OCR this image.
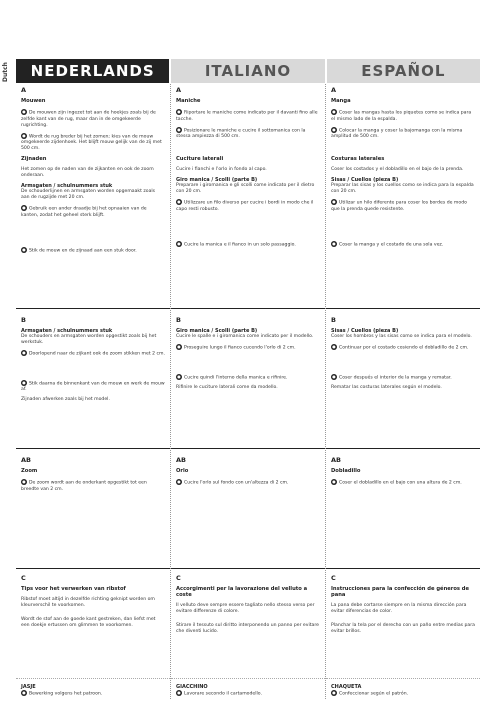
Dutch	NEDERLANDS	ITALIANO	ESPAÑOL
A
Mouwen
● De mouwen zijn ingezet tot aan de hoekjes zoals bij de zelfde kant van de rug, maar dan in de omgekeerde rugrichting.
● Wordt de rug breder bij het zomen; kies van de mouw omgekeerde zijdenhoek. Het blijft mouw gelijk van de zij met 500 cm.
Zijnaden
Het zomen op de naden van de zijkanten en ook de zoom onderaan.
Armsgaten / schulnummers stuk
De schouderlijnen en armsgaten worden opgemaakt zoals aan de rugzijde met 20 cm.
● Gebruik een ander draadje bij het opnaaien van de kanten, zodat het geheel sterk blijft.
● Stik de mouw en de zijnaad aan een stuk door.
B
Armsgaten / schulnummers stuk
De schouders en armsgaten worden opgestikt zoals bij het werkstuk.
● Doorlopend naar de zijkant ook de zoom stikken met 2 cm.
● Stik daarna de binnenkant van de mouw en werk de mouw af.
Zijnaden afwerken zoals bij het model.
AB
Zoom
● De zoom wordt aan de onderkant opgestikt tot een breedte van 2 cm.
C
Tips voor het verwerken van ribstof
Ribstof moet altijd in dezelfde richting geknipt worden om kleurverschil te voorkomen.
Wordt de stof aan de goede kant gestreken, dan liefst met een doekje ertussen om glimmen te voorkomen.
JASJE
● Bewerking volgens het patroon.
A
Maniche
● Riportare le maniche come indicato per il davanti fino alle tacche.
● Posizionare le maniche e cucire il sottomanica con la stessa ampiezza di 500 cm.
Cuciture laterali
Cucire i fianchi e l'orlo in fondo al capo.
Giro manica / Scolli (parte B)
Preparare i giromanica e gli scolli come indicato per il dietro con 20 cm.
● Utilizzare un filo diverso per cucire i bordi in modo che il capo resti robusto.
● Cucire la manica e il fianco in un solo passaggio.
B
Giro manica / Scolli (parte B)
Cucire le spalle e i giromanica come indicato per il modello.
● Proseguire lungo il fianco cucendo l'orlo di 2 cm.
● Cucire quindi l'interno della manica e rifinire.
Rifinire le cuciture laterali come da modello.
AB
Orlo
● Cucire l'orlo sul fondo con un'altezza di 2 cm.
C
Accorgimenti per la lavorazione del velluto a coste
Il velluto deve sempre essere tagliato nello stesso verso per evitare differenze di colore.
Stirare il tessuto sul diritto interponendo un panno per evitare che diventi lucido.
GIACCHINO
● Lavorare secondo il cartamodello.
A
Manga
● Coser las mangas hasta los piquetes como se indica para el mismo lado de la espalda.
● Colocar la manga y coser la bajomanga con la misma amplitud de 500 cm.
Costuras laterales
Coser los costados y el dobladillo en el bajo de la prenda.
Sisas / Cuellos (pieza B)
Preparar las sisas y los cuellos como se indica para la espalda con 20 cm.
● Utilizar un hilo diferente para coser los bordes de modo que la prenda quede resistente.
● Coser la manga y el costado de una sola vez.
B
Sisas / Cuellos (pieza B)
Coser los hombros y las sisas como se indica para el modelo.
● Continuar por el costado cosiendo el dobladillo de 2 cm.
● Coser después el interior de la manga y rematar.
Rematar las costuras laterales según el modelo.
AB
Dobladillo
● Coser el dobladillo en el bajo con una altura de 2 cm.
C
Instrucciones para la confección de géneros de pana
La pana debe cortarse siempre en la misma dirección para evitar diferencias de color.
Planchar la tela por el derecho con un paño entre medias para evitar brillos.
CHAQUETA
● Confeccionar según el patrón.
